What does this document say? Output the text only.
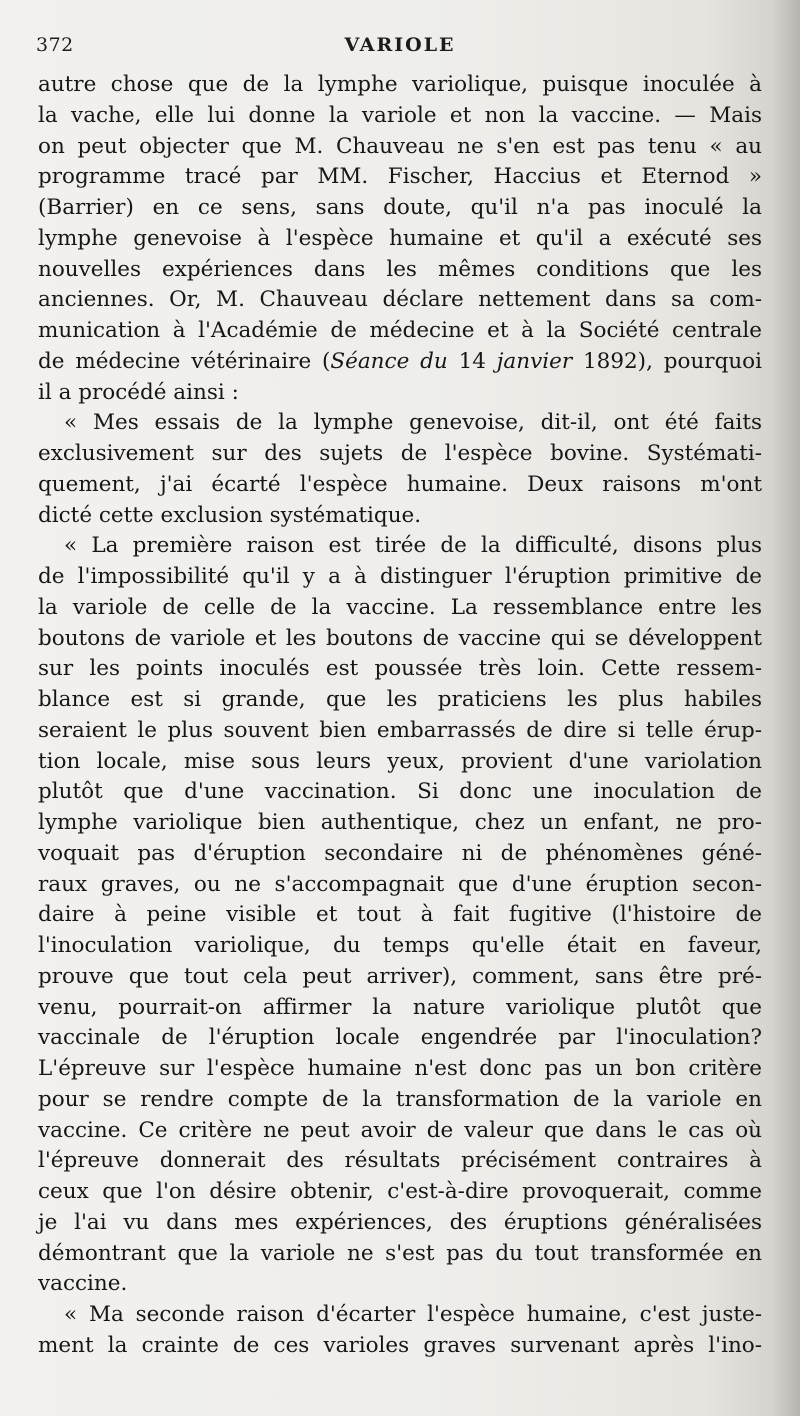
372	VARIOLE
autre chose que de la lymphe variolique, puisque inoculée à
la vache, elle lui donne la variole et non la vaccine. — Mais
on peut objecter que M. Chauveau ne s'en est pas tenu « au
programme tracé par MM. Fischer, Haccius et Eternod »
(Barrier) en ce sens, sans doute, qu'il n'a pas inoculé la
lymphe genevoise à l'espèce humaine et qu'il a exécuté ses
nouvelles expériences dans les mêmes conditions que les
anciennes. Or, M. Chauveau déclare nettement dans sa com-
munication à l'Académie de médecine et à la Société centrale
de médecine vétérinaire (Séance du 14 janvier 1892), pourquoi
il a procédé ainsi :
« Mes essais de la lymphe genevoise, dit-il, ont été faits
exclusivement sur des sujets de l'espèce bovine. Systémati-
quement, j'ai écarté l'espèce humaine. Deux raisons m'ont
dicté cette exclusion systématique.
« La première raison est tirée de la difficulté, disons plus
de l'impossibilité qu'il y a à distinguer l'éruption primitive de
la variole de celle de la vaccine. La ressemblance entre les
boutons de variole et les boutons de vaccine qui se développent
sur les points inoculés est poussée très loin. Cette ressem-
blance est si grande, que les praticiens les plus habiles
seraient le plus souvent bien embarrassés de dire si telle érup-
tion locale, mise sous leurs yeux, provient d'une variolation
plutôt que d'une vaccination. Si donc une inoculation de
lymphe variolique bien authentique, chez un enfant, ne pro-
voquait pas d'éruption secondaire ni de phénomènes géné-
raux graves, ou ne s'accompagnait que d'une éruption secon-
daire à peine visible et tout à fait fugitive (l'histoire de
l'inoculation variolique, du temps qu'elle était en faveur,
prouve que tout cela peut arriver), comment, sans être pré-
venu, pourrait-on affirmer la nature variolique plutôt que
vaccinale de l'éruption locale engendrée par l'inoculation?
L'épreuve sur l'espèce humaine n'est donc pas un bon critère
pour se rendre compte de la transformation de la variole en
vaccine. Ce critère ne peut avoir de valeur que dans le cas où
l'épreuve donnerait des résultats précisément contraires à
ceux que l'on désire obtenir, c'est-à-dire provoquerait, comme
je l'ai vu dans mes expériences, des éruptions généralisées
démontrant que la variole ne s'est pas du tout transformée en
vaccine.
« Ma seconde raison d'écarter l'espèce humaine, c'est juste-
ment la crainte de ces varioles graves survenant après l'ino-
